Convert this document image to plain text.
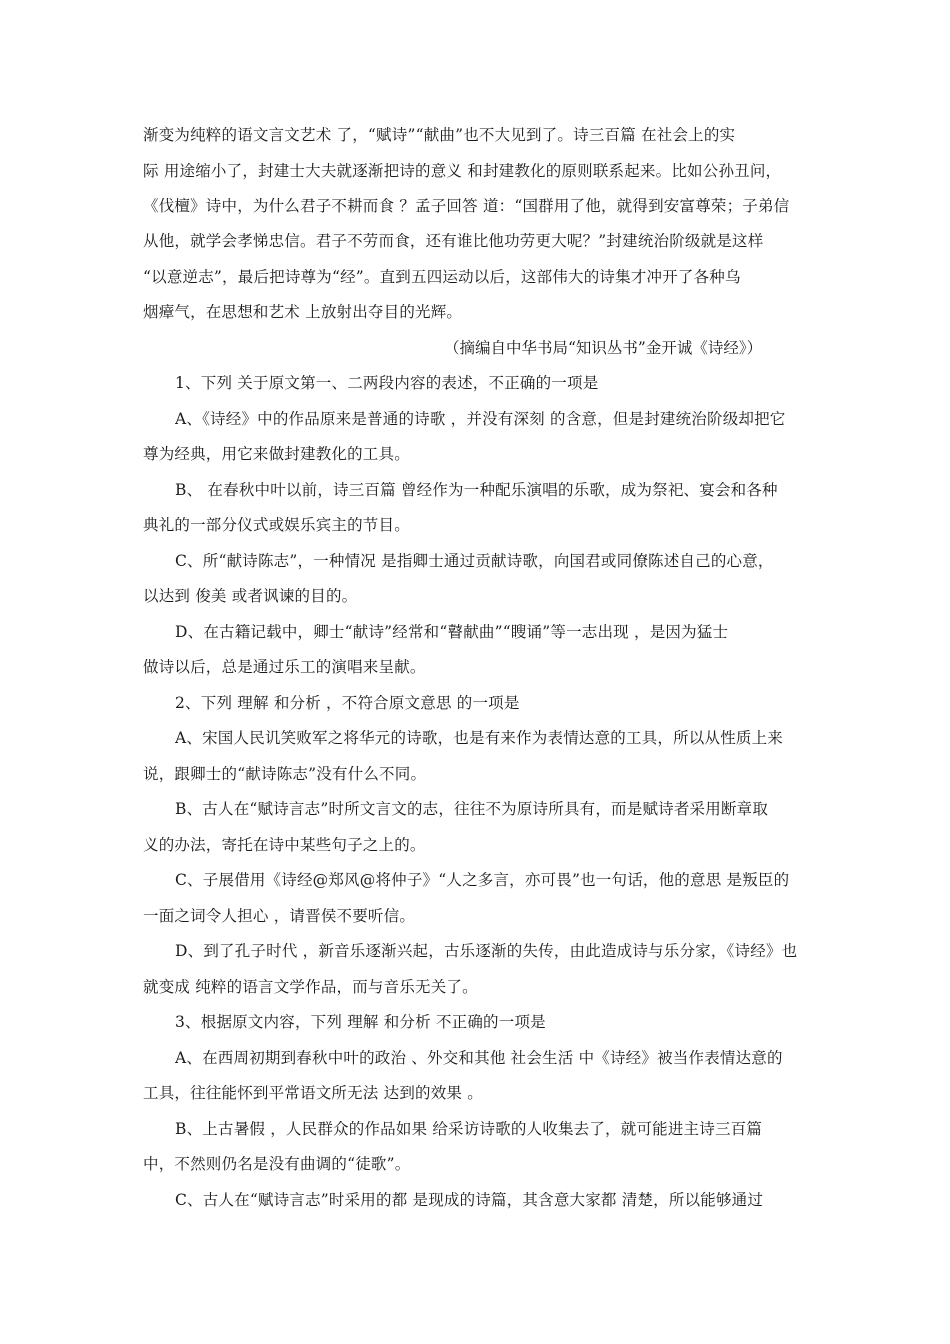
渐变为纯粹的语文言文艺术 了，“赋诗”“献曲”也不大见到了。诗三百篇 在社会上的实
际 用途缩小了，封建士大夫就逐渐把诗的意义 和封建教化的原则联系起来。比如公孙丑问，
《伐檀》诗中，为什么君子不耕而食 ？孟子回答 道：“国群用了他，就得到安富尊荣；子弟信
从他，就学会孝悌忠信。君子不劳而食，还有谁比他功劳更大呢？”封建统治阶级就是这样
“以意逆志”，最后把诗尊为“经”。直到五四运动以后，这部伟大的诗集才冲开了各种乌
烟瘴气，在思想和艺术 上放射出夺目的光辉。
（摘编自中华书局“知识丛书”金开诚《诗经》）
1、下列 关于原文第一、二两段内容的表述，不正确的一项是
A、《诗经》中的作品原来是普通的诗歌 ，并没有深刻 的含意，但是封建统治阶级却把它
尊为经典，用它来做封建教化的工具。
B、 在春秋中叶以前，诗三百篇 曾经作为一种配乐演唱的乐歌，成为祭祀、宴会和各种
典礼的一部分仪式或娱乐宾主的节目。
C、所“献诗陈志”，一种情况 是指卿士通过贡献诗歌，向国君或同僚陈述自己的心意，
以达到 俊美 或者讽谏的目的。
D、在古籍记载中，卿士“献诗”经常和“瞽献曲”“瞍诵”等一志出现 ，是因为猛士
做诗以后，总是通过乐工的演唱来呈献。
2、下列 理解 和分析 ，不符合原文意思 的一项是
A、宋国人民讥笑败军之将华元的诗歌，也是有来作为表情达意的工具，所以从性质上来
说，跟卿士的“献诗陈志”没有什么不同。
B、古人在“赋诗言志”时所文言文的志，往往不为原诗所具有，而是赋诗者采用断章取
义的办法，寄托在诗中某些句子之上的。
C、子展借用《诗经@郑风@将仲子》“人之多言，亦可畏”也一句话，他的意思 是叛臣的
一面之词令人担心 ，请晋侯不要听信。
D、到了孔子时代 ，新音乐逐渐兴起，古乐逐渐的失传，由此造成诗与乐分家，《诗经》也
就变成 纯粹的语言文学作品，而与音乐无关了。
3、根据原文内容，下列 理解 和分析 不正确的一项是
A、在西周初期到春秋中叶的政治 、外交和其他 社会生活 中《诗经》被当作表情达意的
工具，往往能怀到平常语文所无法 达到的效果 。
B、上古暑假 ，人民群众的作品如果 给采访诗歌的人收集去了，就可能进主诗三百篇
中，不然则仍名是没有曲调的“徒歌”。
C、古人在“赋诗言志”时采用的都 是现成的诗篇，其含意大家都 清楚，所以能够通过
